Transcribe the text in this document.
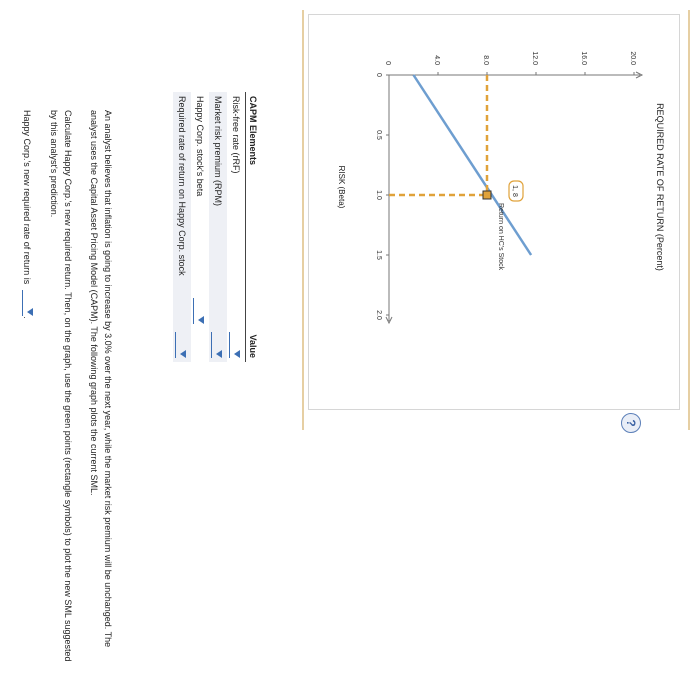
REQUIRED RATE OF RETURN (Percent)
RISK (Beta)
0	4.0	8.0	12.0	16.0	20.0
0
0.5
1.0
1.5
2.0
Return on HC's Stock
1, 8
?
CAPM Elements
Value
Risk-free rate (rRF)
Market risk premium (RPM)
Happy Corp. stock's beta
Required rate of return on Happy Corp. stock
An analyst believes that inflation is going to increase by 3.0% over the next year, while the market risk premium will be unchanged. The analyst uses the Capital Asset Pricing Model (CAPM). The following graph plots the current SML.
Calculate Happy Corp.'s new required return. Then, on the graph, use the green points (rectangle symbols) to plot the new SML suggested by this analyst's prediction.
Happy Corp.'s new required rate of return is
.
